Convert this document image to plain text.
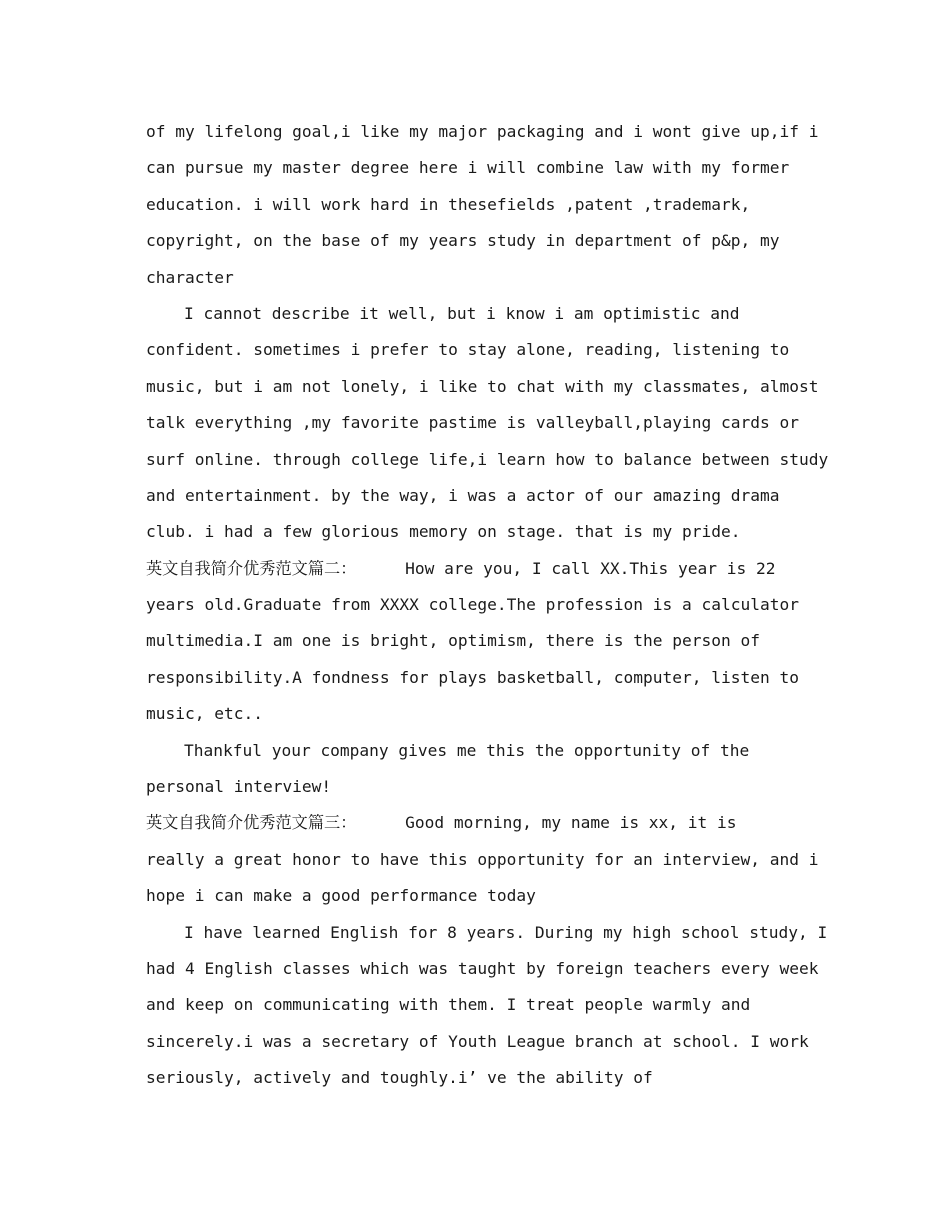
of my lifelong goal,i like my major packaging and i wont give up,if i
can pursue my master degree here i will combine law with my former
education. i will work hard in thesefields ,patent ,trademark,
copyright, on the base of my years study in department of p&p, my
character
I cannot describe it well, but i know i am optimistic and
confident. sometimes i prefer to stay alone, reading, listening to
music, but i am not lonely, i like to chat with my classmates, almost
talk everything ,my favorite pastime is valleyball,playing cards or
surf online. through college life,i learn how to balance between study
and entertainment. by the way, i was a actor of our amazing drama
club. i had a few glorious memory on stage. that is my pride.
英文自我简介优秀范文篇二：     How are you, I call XX.This year is 22
years old.Graduate from XXXX college.The profession is a calculator
multimedia.I am one is bright, optimism, there is the person of
responsibility.A fondness for plays basketball, computer, listen to
music, etc..
Thankful your company gives me this the opportunity of the
personal interview!
英文自我简介优秀范文篇三：     Good morning, my name is xx, it is
really a great honor to have this opportunity for an interview, and i
hope i can make a good performance today
I have learned English for 8 years. During my high school study, I
had 4 English classes which was taught by foreign teachers every week
and keep on communicating with them. I treat people warmly and
sincerely.i was a secretary of Youth League branch at school. I work
seriously, actively and toughly.i’ ve the ability of
